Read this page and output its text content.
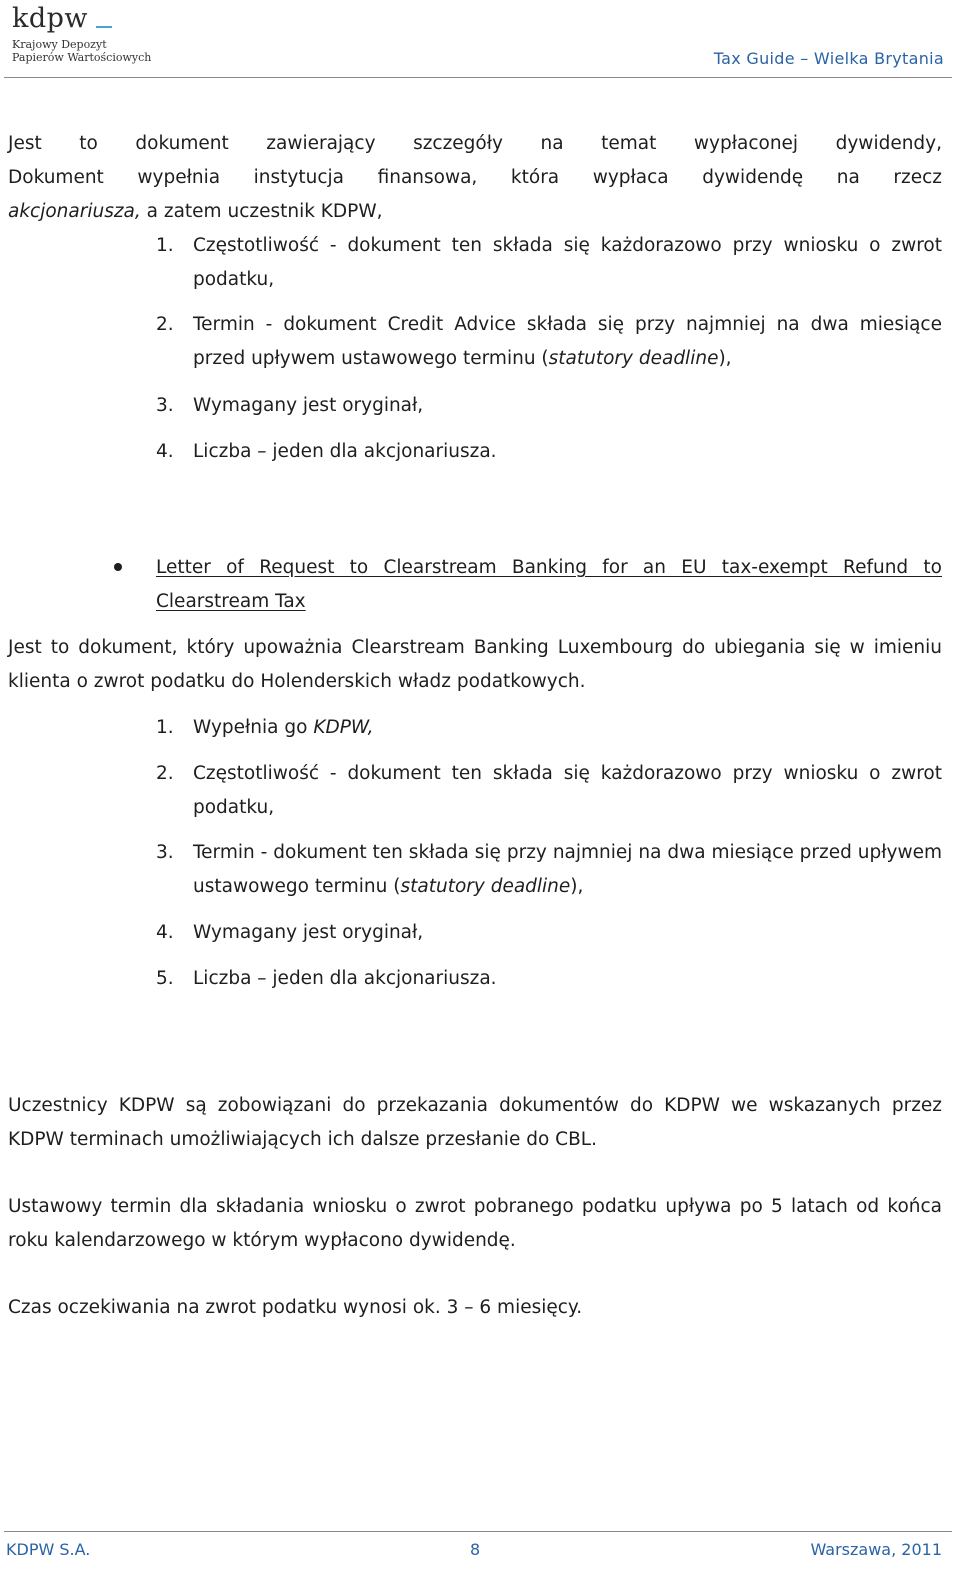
kdpw
Krajowy Depozyt
Papierów Wartościowych	Tax Guide – Wielka Brytania
Jest to dokument zawierający szczegóły na temat wypłaconej dywidendy,
Dokument wypełnia instytucja finansowa, która wypłaca dywidendę na rzecz
akcjonariusza, a zatem uczestnik KDPW,
1.	Częstotliwość - dokument ten składa się każdorazowo przy wniosku o zwrot podatku,
2.	Termin - dokument Credit Advice składa się przy najmniej na dwa miesiące przed upływem ustawowego terminu (statutory deadline),
3.	Wymagany jest oryginał,
4.	Liczba – jeden dla akcjonariusza.
Letter of Request to Clearstream Banking for an EU tax-exempt Refund to Clearstream Tax
Jest to dokument, który upoważnia Clearstream Banking Luxembourg do ubiegania się w imieniu klienta o zwrot podatku do Holenderskich władz podatkowych.
1.	Wypełnia go KDPW,
2.	Częstotliwość - dokument ten składa się każdorazowo przy wniosku o zwrot podatku,
3.	Termin - dokument ten składa się przy najmniej na dwa miesiące przed upływem ustawowego terminu (statutory deadline),
4.	Wymagany jest oryginał,
5.	Liczba – jeden dla akcjonariusza.
Uczestnicy KDPW są zobowiązani do przekazania dokumentów do KDPW we wskazanych przez KDPW terminach umożliwiających ich dalsze przesłanie do CBL.
Ustawowy termin dla składania wniosku o zwrot pobranego podatku upływa po 5 latach od końca roku kalendarzowego w którym wypłacono dywidendę.
Czas oczekiwania na zwrot podatku wynosi ok. 3 – 6 miesięcy.
KDPW S.A.	8	Warszawa, 2011
